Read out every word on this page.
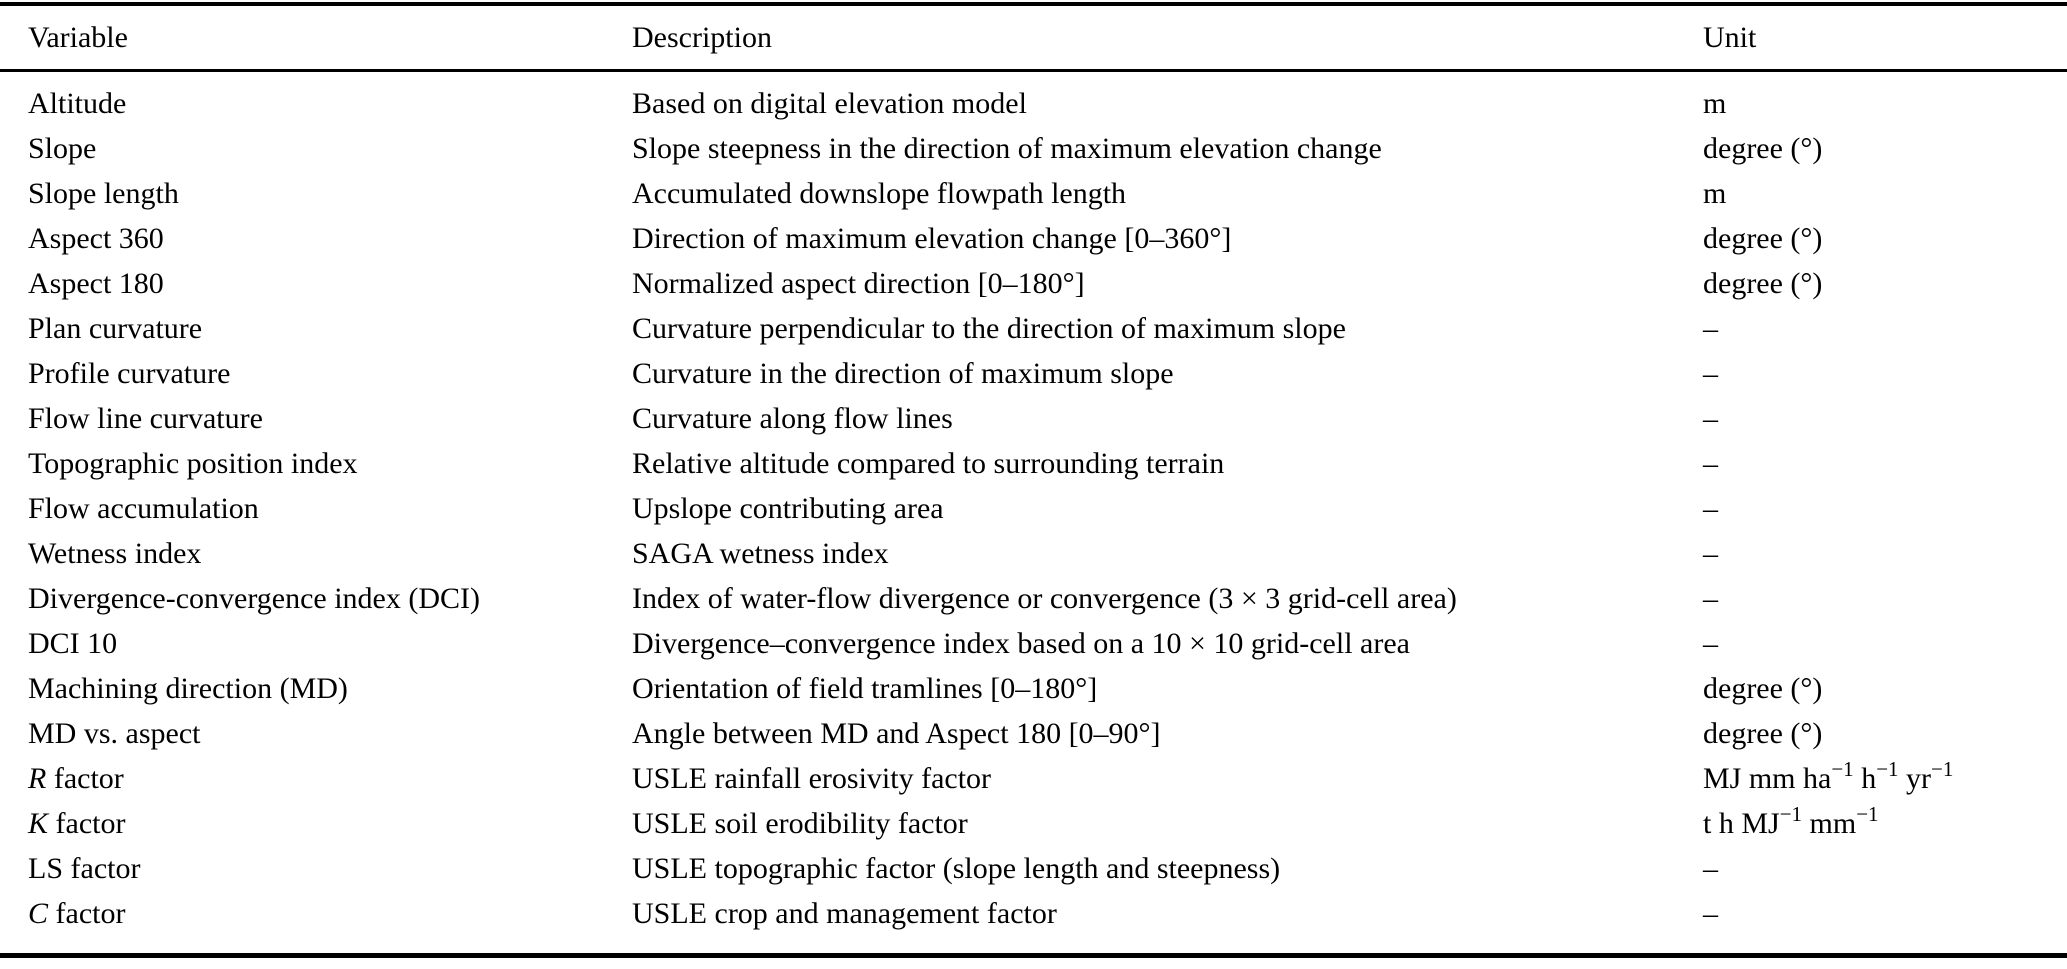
Variable	Description	Unit
Altitude	Based on digital elevation model	m
Slope	Slope steepness in the direction of maximum elevation change	degree (°)
Slope length	Accumulated downslope flowpath length	m
Aspect 360	Direction of maximum elevation change [0–360°]	degree (°)
Aspect 180	Normalized aspect direction [0–180°]	degree (°)
Plan curvature	Curvature perpendicular to the direction of maximum slope	–
Profile curvature	Curvature in the direction of maximum slope	–
Flow line curvature	Curvature along flow lines	–
Topographic position index	Relative altitude compared to surrounding terrain	–
Flow accumulation	Upslope contributing area	–
Wetness index	SAGA wetness index	–
Divergence-convergence index (DCI)	Index of water-flow divergence or convergence (3 × 3 grid-cell area)	–
DCI 10	Divergence–convergence index based on a 10 × 10 grid-cell area	–
Machining direction (MD)	Orientation of field tramlines [0–180°]	degree (°)
MD vs. aspect	Angle between MD and Aspect 180 [0–90°]	degree (°)
R factor	USLE rainfall erosivity factor	MJ mm $ha^{-1}$ $h^{-1}$ $yr^{-1}$
K factor	USLE soil erodibility factor	t h $MJ^{-1}$ $mm^{-1}$
LS factor	USLE topographic factor (slope length and steepness)	–
C factor	USLE crop and management factor	–
